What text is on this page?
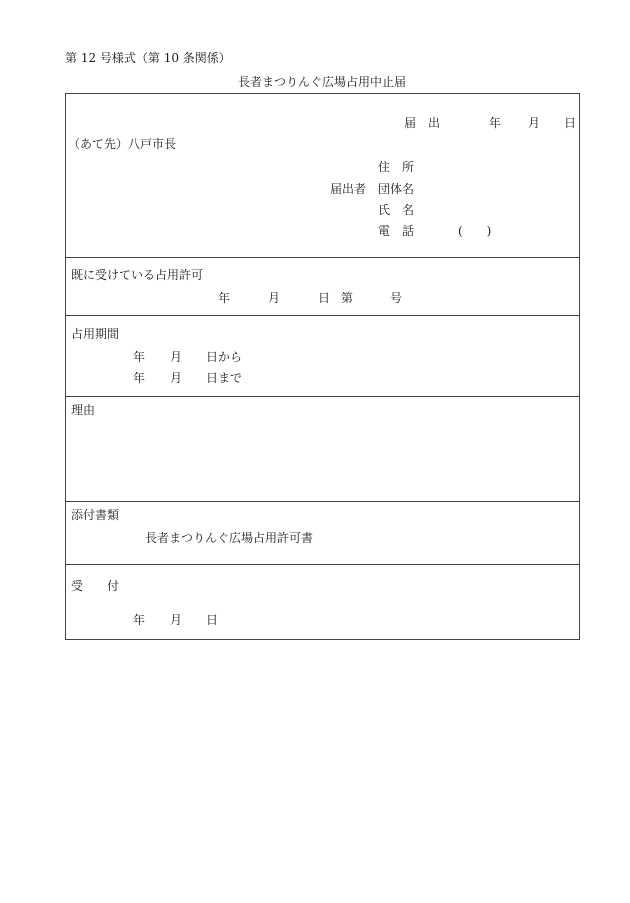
第 12 号様式（第 10 条関係）
長者まつりんぐ広場占用中止届
届　出	年 月 日
（あて先）八戸市長
住　所
届出者 団体名
氏　名
電　話	(　　)
既に受けている占用許可
年	月	日 第	号
占用期間
年 月 日から
年 月 日まで
理由
添付書類
長者まつりんぐ広場占用許可書
受　　付
年 月 日
